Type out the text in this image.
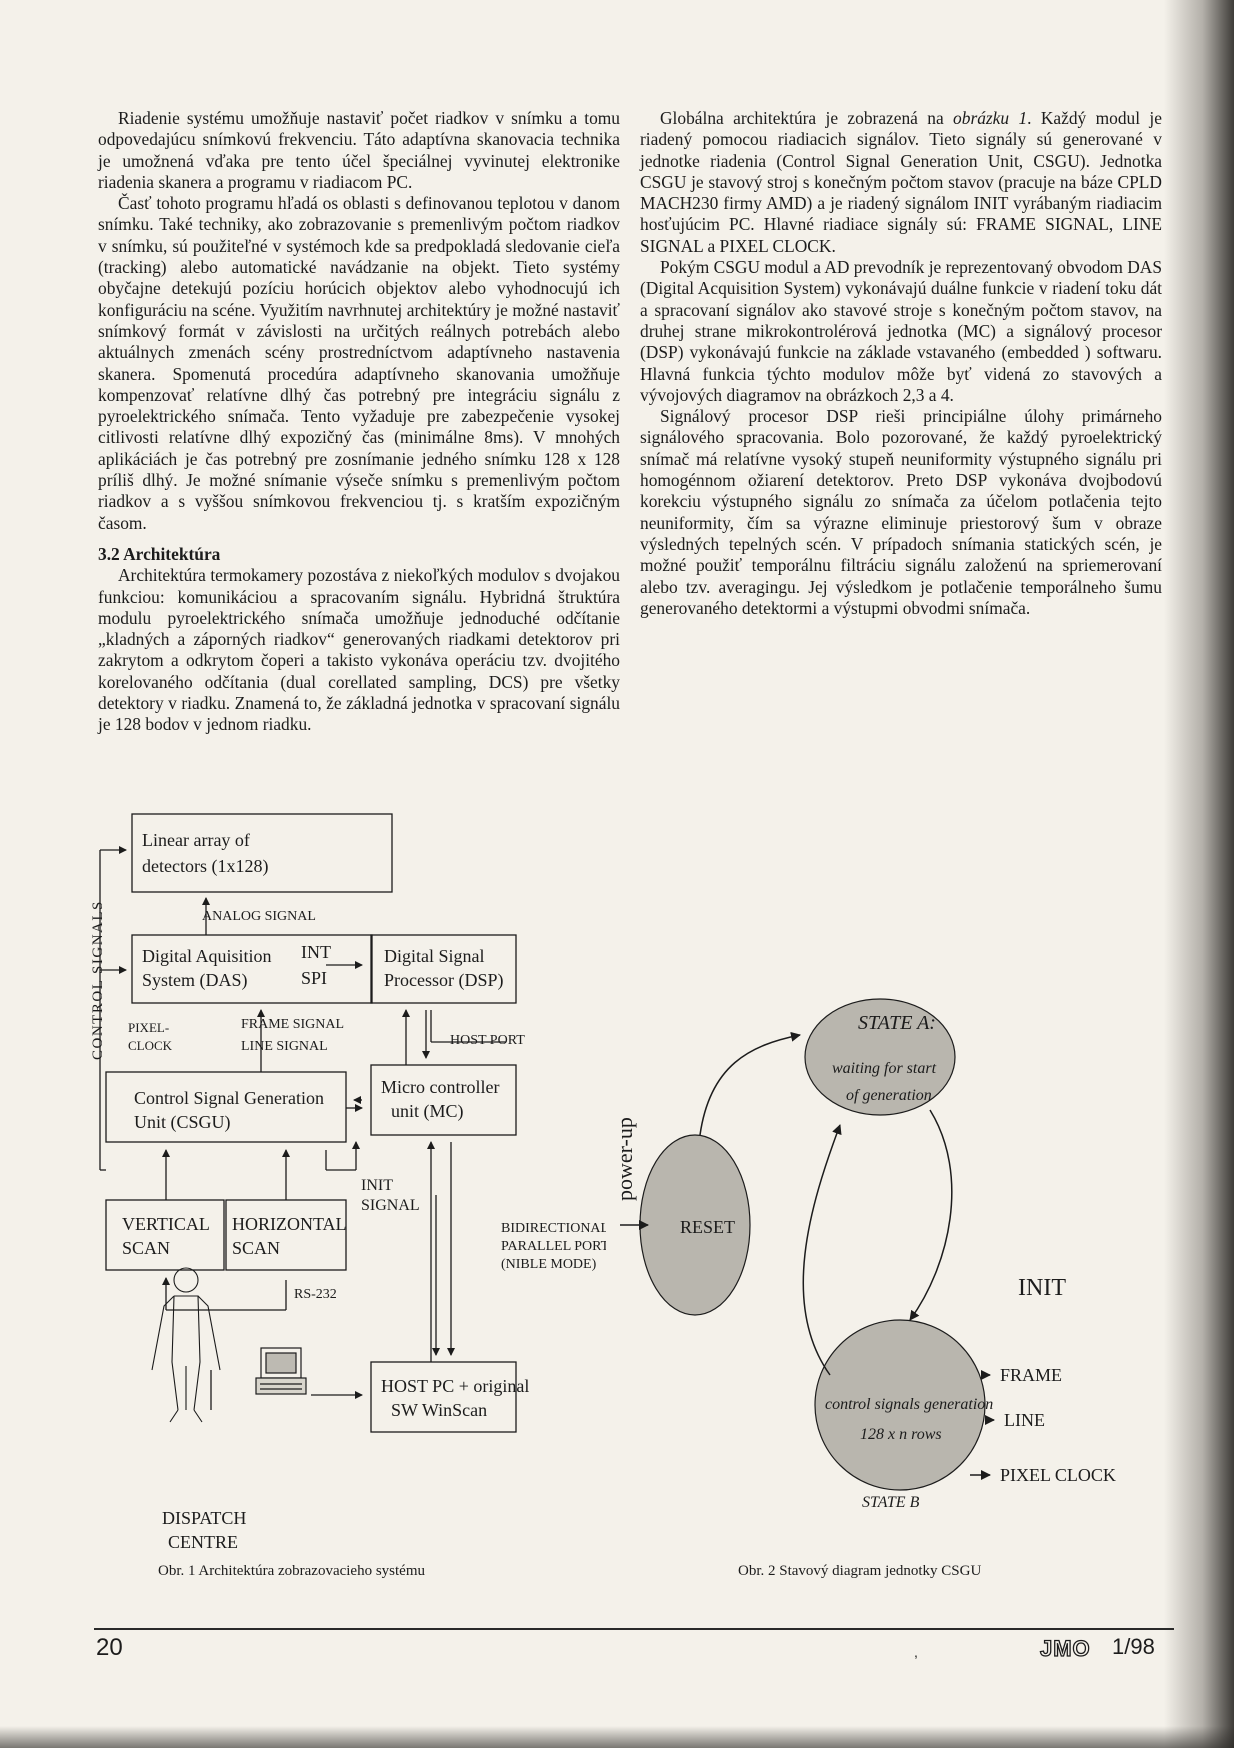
Riadenie systému umožňuje nastaviť počet riadkov v snímku a tomu odpovedajúcu snímkovú frekvenciu. Táto adaptívna skanovacia technika je umožnená vďaka pre tento účel špeciálnej vyvinutej elektronike riadenia skanera a programu v riadiacom PC.

Časť tohoto programu hľadá os oblasti s definovanou teplotou v danom snímku. Také techniky, ako zobrazovanie s premenlivým počtom riadkov v snímku, sú použiteľné v systémoch kde sa predpokladá sledovanie cieľa (tracking) alebo automatické navádzanie na objekt. Tieto systémy obyčajne detekujú pozíciu horúcich objektov alebo vyhodnocujú ich konfiguráciu na scéne. Využitím navrhnutej architektúry je možné nastaviť snímkový formát v závislosti na určitých reálnych potrebách alebo aktuálnych zmenách scény prostredníctvom adaptívneho nastavenia skanera. Spomenutá procedúra adaptívneho skanovania umožňuje kompenzovať relatívne dlhý čas potrebný pre integráciu signálu z pyroelektrického snímača. Tento vyžaduje pre zabezpečenie vysokej citlivosti relatívne dlhý expozičný čas (minimálne 8ms). V mnohých aplikáciách je čas potrebný pre zosnímanie jedného snímku 128 x 128 príliš dlhý. Je možné snímanie výseče snímku s premenlivým počtom riadkov a s vyššou snímkovou frekvenciou tj. s kratším expozičným časom.

3.2 Architektúra

Architektúra termokamery pozostáva z niekoľkých modulov s dvojakou funkciou: komunikáciou a spracovaním signálu. Hybridná štruktúra modulu pyroelektrického snímača umožňuje jednoduché odčítanie „kladných a záporných riadkov“ generovaných riadkami detektorov pri zakrytom a odkrytom čoperi a takisto vykonáva operáciu tzv. dvojitého korelovaného odčítania (dual corellated sampling, DCS) pre všetky detektory v riadku. Znamená to, že základná jednotka v spracovaní signálu je 128 bodov v jednom riadku.

Globálna architektúra je zobrazená na obrázku 1. Každý modul je riadený pomocou riadiacich signálov. Tieto signály sú generované v jednotke riadenia (Control Signal Generation Unit, CSGU). Jednotka CSGU je stavový stroj s konečným počtom stavov (pracuje na báze CPLD MACH230 firmy AMD) a je riadený signálom INIT vyrábaným riadiacim hosťujúcim PC. Hlavné riadiace signály sú: FRAME SIGNAL, LINE SIGNAL a PIXEL CLOCK.

Pokým CSGU modul a AD prevodník je reprezentovaný obvodom DAS (Digital Acquisition System) vykonávajú duálne funkcie v riadení toku dát a spracovaní signálov ako stavové stroje s konečným počtom stavov, na druhej strane mikrokontrolérová jednotka (MC) a signálový procesor (DSP) vykonávajú funkcie na základe vstavaného (embedded ) softwaru. Hlavná funkcia týchto modulov môže byť videná zo stavových a vývojových diagramov na obrázkoch 2,3 a 4.

Signálový procesor DSP rieši principiálne úlohy primárneho signálového spracovania. Bolo pozorované, že každý pyroelektrický snímač má relatívne vysoký stupeň neuniformity výstupného signálu pri homogénnom ožiarení detektorov. Preto DSP vykonáva dvojbodovú korekciu výstupného signálu zo snímača za účelom potlačenia tejto neuniformity, čím sa výrazne eliminuje priestorový šum v obraze výsledných tepelných scén. V prípadoch snímania statických scén, je možné použiť temporálnu filtráciu signálu založenú na spriemerovaní alebo tzv. averagingu. Jej výsledkom je potlačenie temporálneho šumu generovaného detektormi a výstupmi obvodmi snímača.

Linear array of
detectors (1x128)
ANALOG SIGNAL
Digital Aquisition
System (DAS)
INT
SPI
Digital Signal
Processor (DSP)
PIXEL-
CLOCK
FRAME SIGNAL
LINE SIGNAL	HOST PORT
Control Signal Generation
Unit (CSGU)
Micro controller
unit (MC)
INIT
SIGNAL
VERTICAL
SCAN
HORIZONTAL
SCAN
BIDIRECTIONAL
PARALLEL PORT
(NIBLE MODE)
RS-232
CONTROL SIGNALS
HOST PC + original
SW WinScan
DISPATCH
CENTRE
Obr. 1 Architektúra zobrazovacieho systému
STATE A:
waiting for start
of generation
power-up
RESET
INIT
control signals generation
128 x n rows
FRAME
LINE
PIXEL CLOCK
STATE B
Obr. 2 Stavový diagram jednotky CSGU
20	,	JMO 1/98
